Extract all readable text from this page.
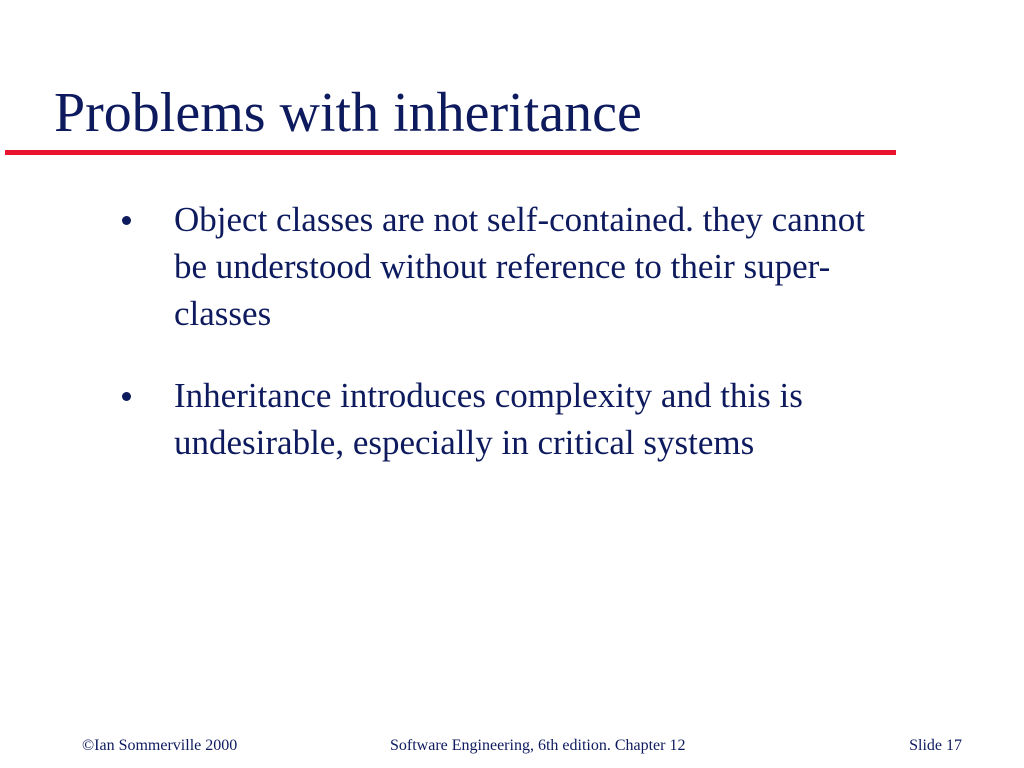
Problems with inheritance

Object classes are not self-contained. they cannot
be understood without reference to their super-
classes

Inheritance introduces complexity and this is
undesirable, especially in critical systems

©Ian Sommerville 2000	Software Engineering, 6th edition. Chapter 12	Slide 17
